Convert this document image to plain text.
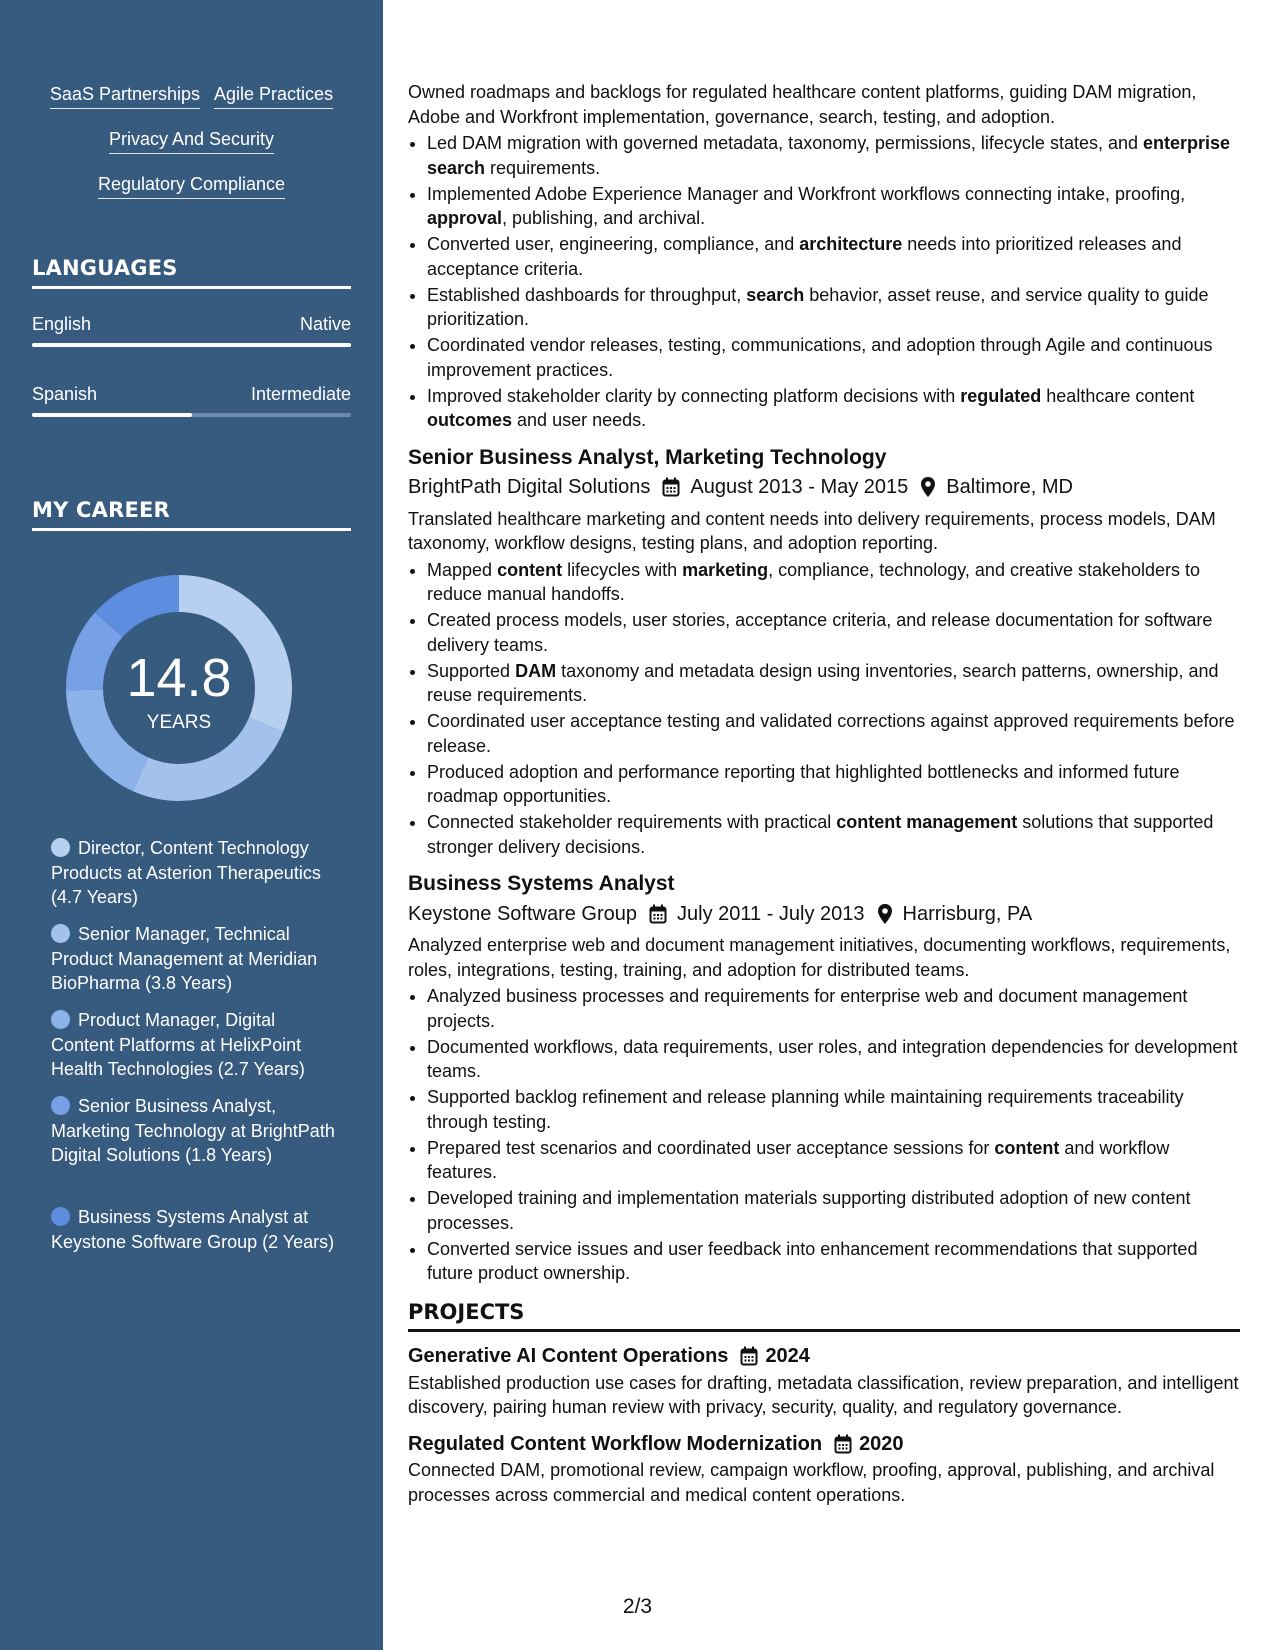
SaaS Partnerships Agile Practices
Privacy And Security
Regulatory Compliance
LANGUAGES
English	Native
Spanish	Intermediate
MY CAREER
14.8
YEARS
Director, Content Technology Products at Asterion Therapeutics (4.7 Years)
Senior Manager, Technical Product Management at Meridian BioPharma (3.8 Years)
Product Manager, Digital Content Platforms at HelixPoint Health Technologies (2.7 Years)
Senior Business Analyst, Marketing Technology at BrightPath Digital Solutions (1.8 Years)
Business Systems Analyst at Keystone Software Group (2 Years)

Owned roadmaps and backlogs for regulated healthcare content platforms, guiding DAM migration, Adobe and Workfront implementation, governance, search, testing, and adoption.

• Led DAM migration with governed metadata, taxonomy, permissions, lifecycle states, and enterprise search requirements.
• Implemented Adobe Experience Manager and Workfront workflows connecting intake, proofing, approval, publishing, and archival.
• Converted user, engineering, compliance, and architecture needs into prioritized releases and acceptance criteria.
• Established dashboards for throughput, search behavior, asset reuse, and service quality to guide prioritization.
• Coordinated vendor releases, testing, communications, and adoption through Agile and continuous improvement practices.
• Improved stakeholder clarity by connecting platform decisions with regulated healthcare content outcomes and user needs.
Senior Business Analyst, Marketing Technology
BrightPath Digital Solutions August 2013 - May 2015 Baltimore, MD

Translated healthcare marketing and content needs into delivery requirements, process models, DAM taxonomy, workflow designs, testing plans, and adoption reporting.

• Mapped content lifecycles with marketing, compliance, technology, and creative stakeholders to reduce manual handoffs.
• Created process models, user stories, acceptance criteria, and release documentation for software delivery teams.
• Supported DAM taxonomy and metadata design using inventories, search patterns, ownership, and reuse requirements.
• Coordinated user acceptance testing and validated corrections against approved requirements before release.
• Produced adoption and performance reporting that highlighted bottlenecks and informed future roadmap opportunities.
• Connected stakeholder requirements with practical content management solutions that supported stronger delivery decisions.
Business Systems Analyst
Keystone Software Group July 2011 - July 2013 Harrisburg, PA

Analyzed enterprise web and document management initiatives, documenting workflows, requirements, roles, integrations, testing, training, and adoption for distributed teams.

• Analyzed business processes and requirements for enterprise web and document management projects.
• Documented workflows, data requirements, user roles, and integration dependencies for development teams.
• Supported backlog refinement and release planning while maintaining requirements traceability through testing.
• Prepared test scenarios and coordinated user acceptance sessions for content and workflow features.
• Developed training and implementation materials supporting distributed adoption of new content processes.
• Converted service issues and user feedback into enhancement recommendations that supported future product ownership.
PROJECTS
Generative AI Content Operations 2024

Established production use cases for drafting, metadata classification, review preparation, and intelligent discovery, pairing human review with privacy, security, quality, and regulatory governance.

Regulated Content Workflow Modernization 2020

Connected DAM, promotional review, campaign workflow, proofing, approval, publishing, and archival processes across commercial and medical content operations.

2/3
